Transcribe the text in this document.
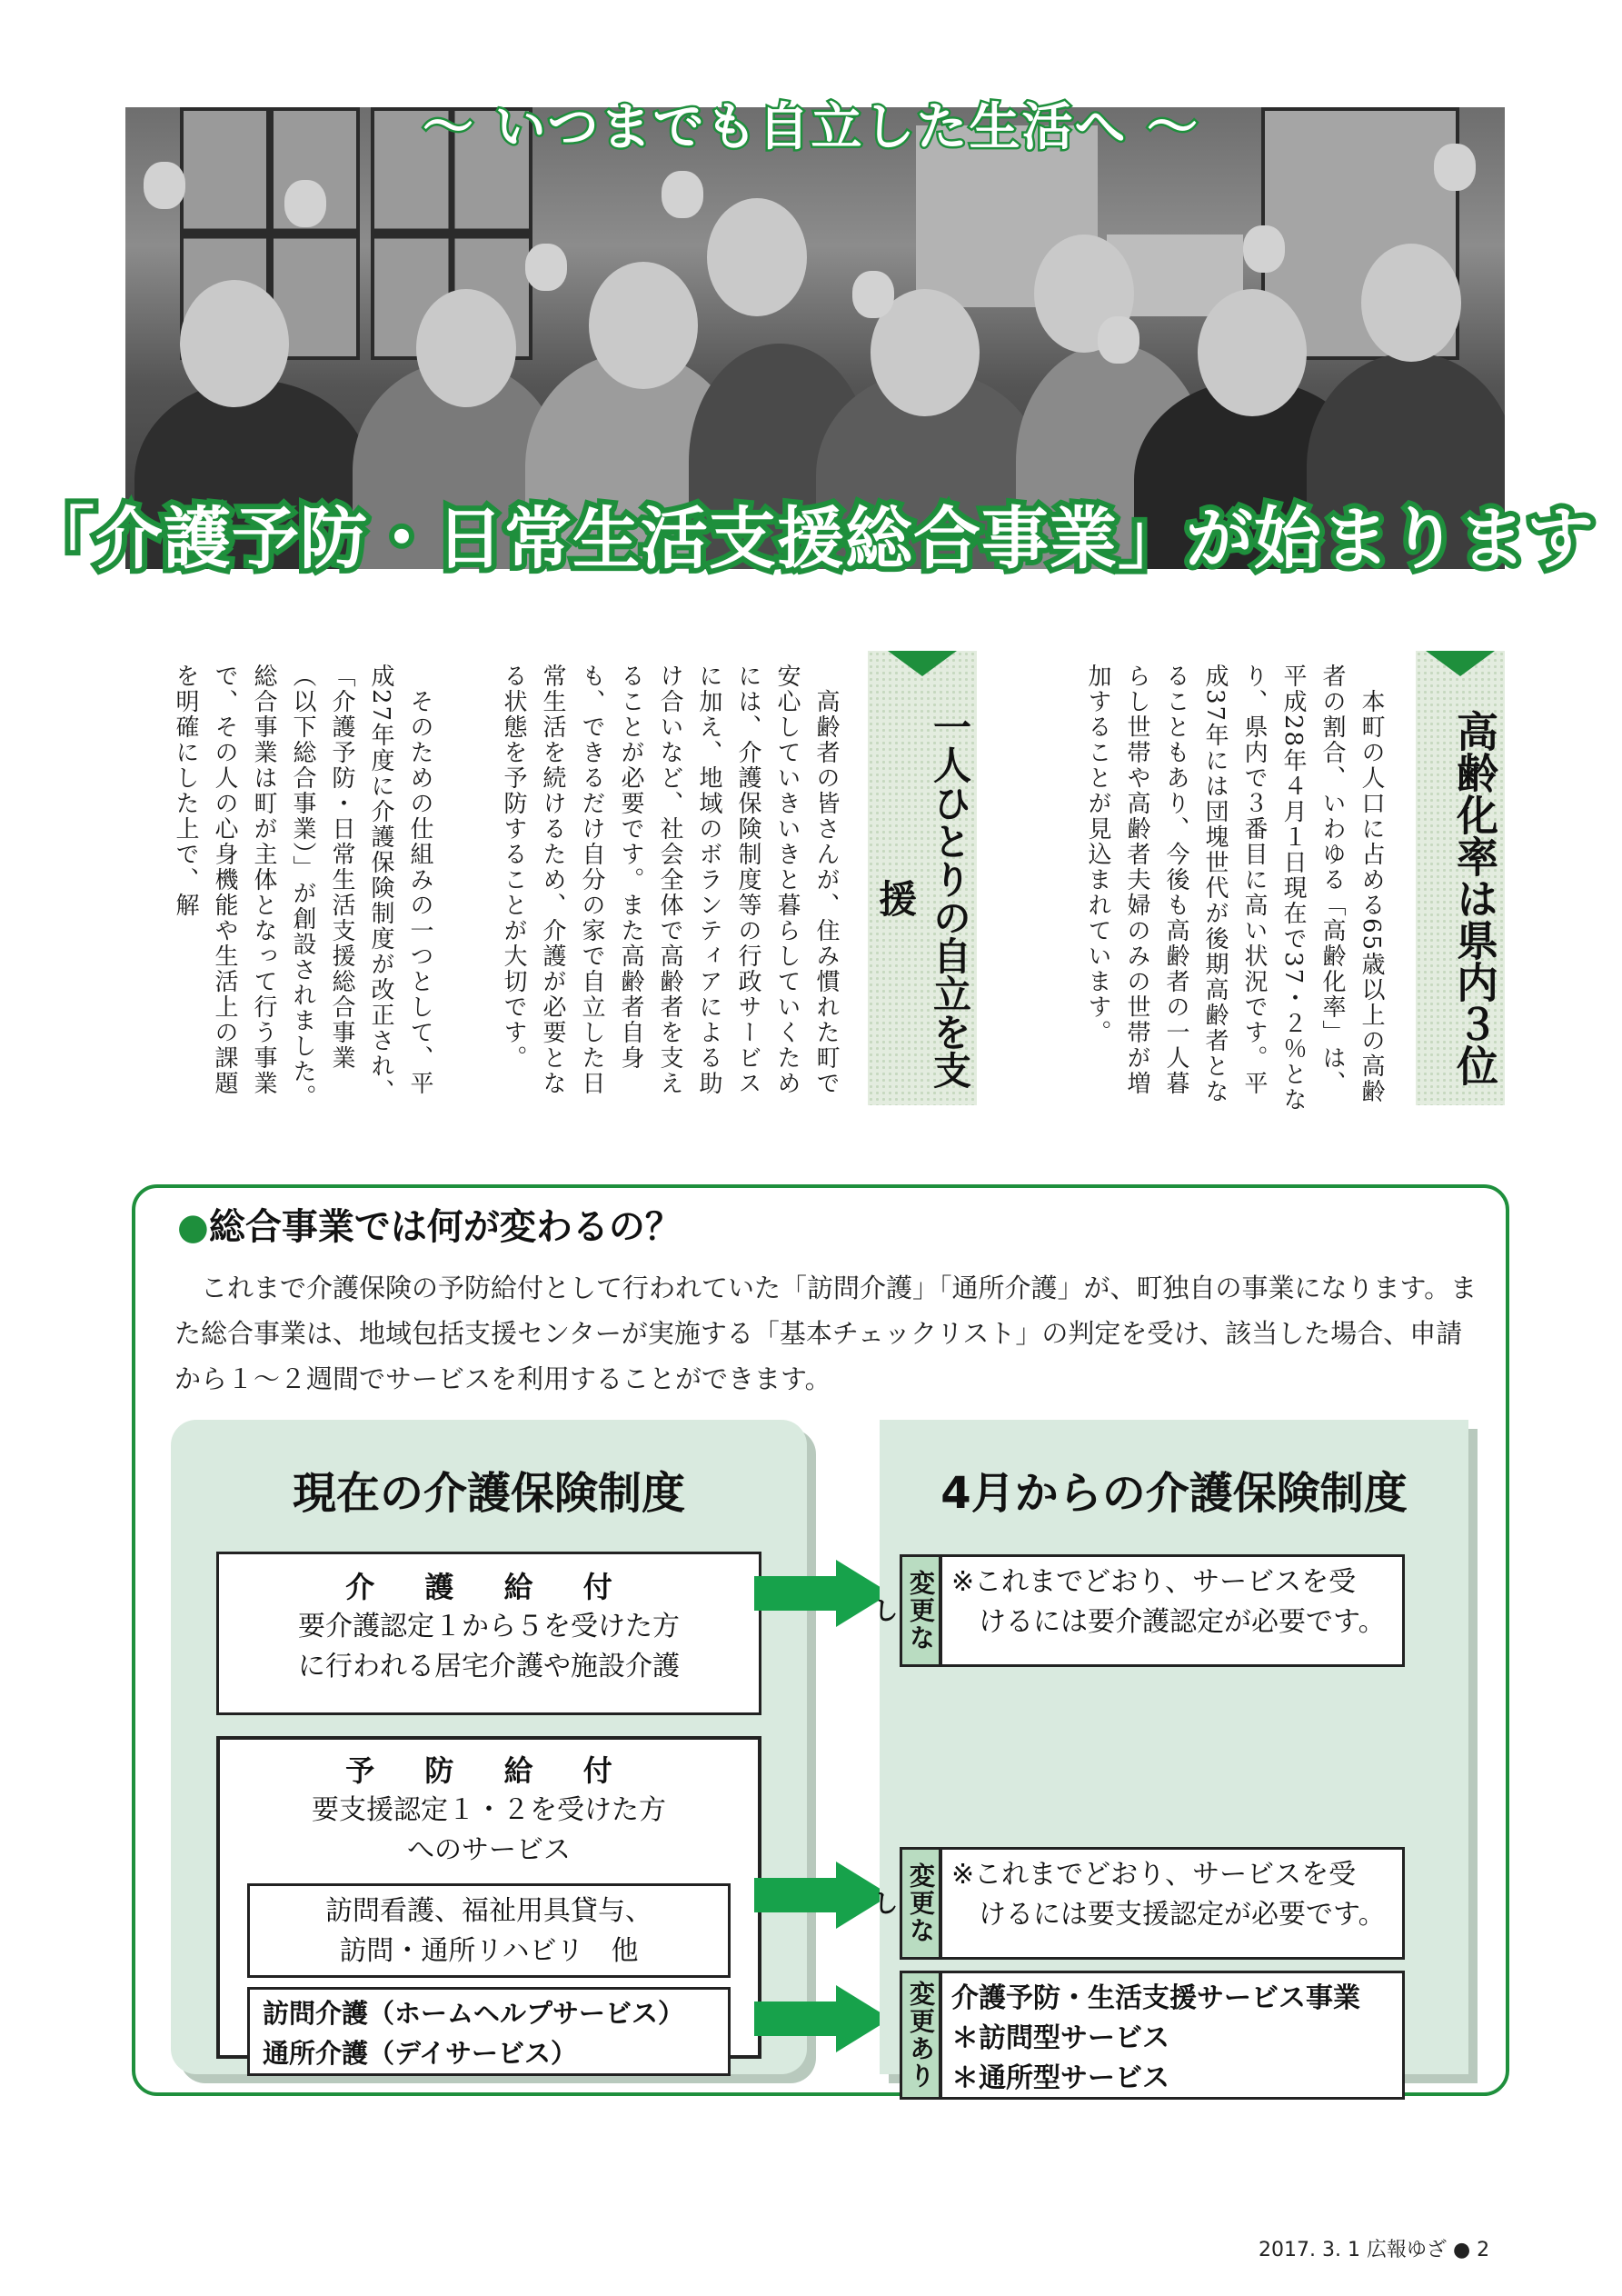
～ いつまでも自立した生活へ ～
「介護予防・日常生活支援総合事業」が始まります
高齢化率は県内３位
　本町の人口に占める65歳以上の高齢者の割合、いわゆる「高齢化率」は、平成28年４月１日現在で37・２％となり、県内で３番目に高い状況です。平成37年には団塊世代が後期高齢者となることもあり、今後も高齢者の一人暮らし世帯や高齢者夫婦のみの世帯が増加することが見込まれています。
一人ひとりの自立を支援
　高齢者の皆さんが、住み慣れた町で安心していきいきと暮らしていくためには、介護保険制度等の行政サービスに加え、地域のボランティアによる助け合いなど、社会全体で高齢者を支えることが必要です。また高齢者自身も、できるだけ自分の家で自立した日常生活を続けるため、介護が必要となる状態を予防することが大切です。
　そのための仕組みの一つとして、平成27年度に介護保険制度が改正され、「介護予防・日常生活支援総合事業（以下総合事業）」が創設されました。総合事業は町が主体となって行う事業で、その人の心身機能や生活上の課題を明確にした上で、解
●総合事業では何が変わるの？
　これまで介護保険の予防給付として行われていた「訪問介護」「通所介護」が、町独自の事業になります。また総合事業は、地域包括支援センターが実施する「基本チェックリスト」の判定を受け、該当した場合、申請から１～２週間でサービスを利用することができます。
現在の介護保険制度
介 護 給 付
要介護認定１から５を受けた方
に行われる居宅介護や施設介護
予 防 給 付
要支援認定１・２を受けた方
へのサービス
訪問看護、福祉用具貸与、
訪問・通所リハビリ　他
訪問介護（ホームヘルプサービス）
通所介護（デイサービス）
4月からの介護保険制度
変更なし
※これまでどおり、サービスを受
　けるには要介護認定が必要です。
変更なし
※これまでどおり、サービスを受
　けるには要支援認定が必要です。
変更あり 介護予防・生活支援サービス事業
＊訪問型サービス
＊通所型サービス
2017. 3. 1 広報ゆざ ● 2
